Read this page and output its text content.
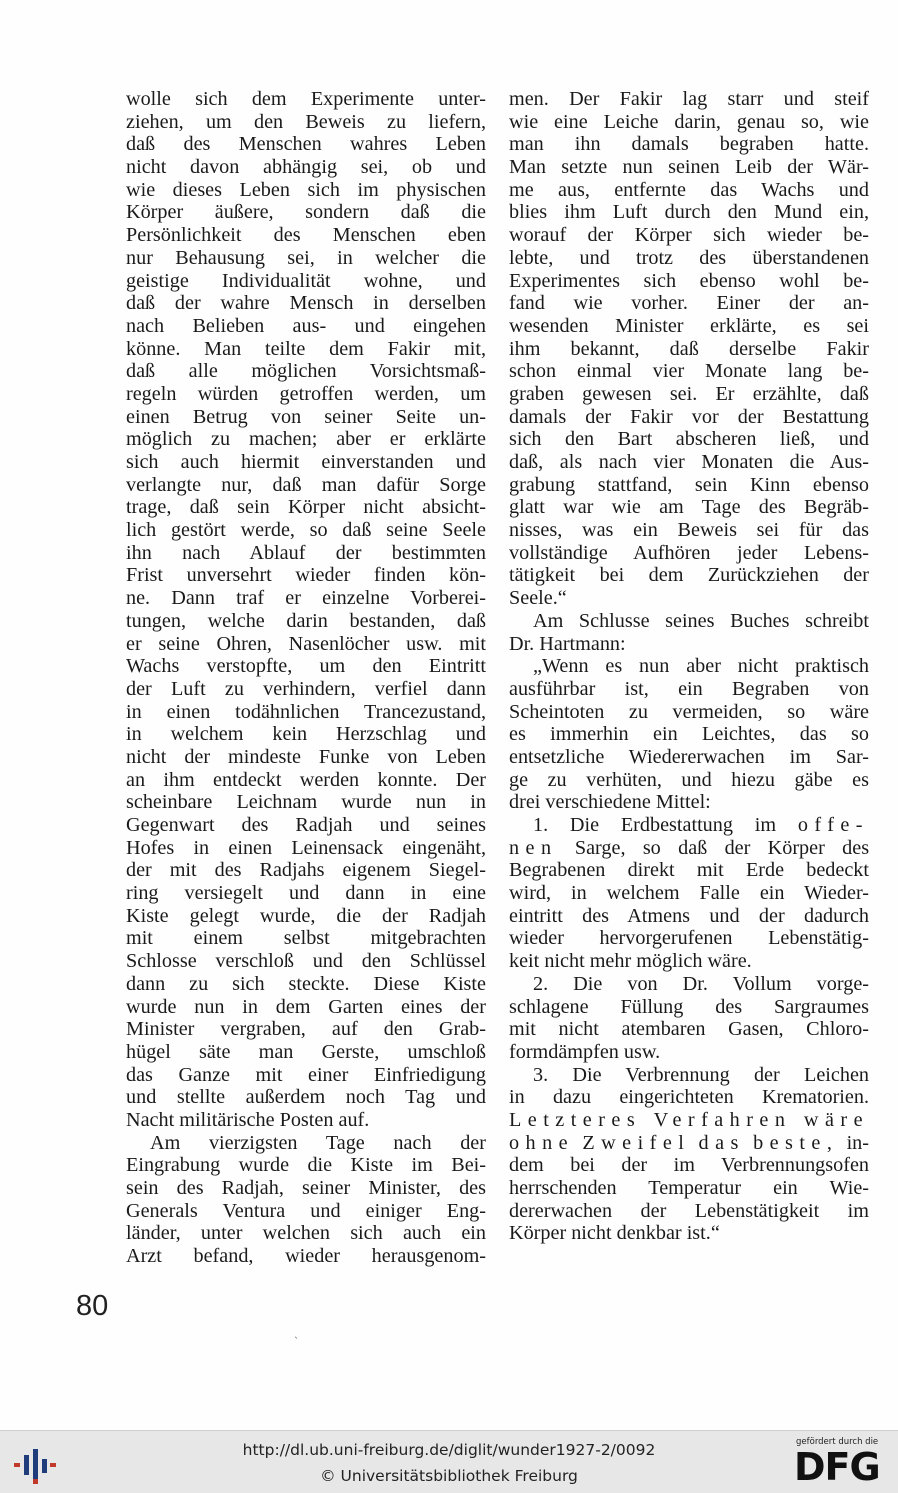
wolle sich dem Experimente unter-
ziehen, um den Beweis zu liefern,
daß des Menschen wahres Leben
nicht davon abhängig sei, ob und
wie dieses Leben sich im physischen
Körper äußere, sondern daß die
Persönlichkeit des Menschen eben
nur Behausung sei, in welcher die
geistige Individualität wohne, und
daß der wahre Mensch in derselben
nach Belieben aus- und eingehen
könne. Man teilte dem Fakir mit,
daß alle möglichen Vorsichtsmaß-
regeln würden getroffen werden, um
einen Betrug von seiner Seite un-
möglich zu machen; aber er erklärte
sich auch hiermit einverstanden und
verlangte nur, daß man dafür Sorge
trage, daß sein Körper nicht absicht-
lich gestört werde, so daß seine Seele
ihn nach Ablauf der bestimmten
Frist unversehrt wieder finden kön-
ne. Dann traf er einzelne Vorberei-
tungen, welche darin bestanden, daß
er seine Ohren, Nasenlöcher usw. mit
Wachs verstopfte, um den Eintritt
der Luft zu verhindern, verfiel dann
in einen todähnlichen Trancezustand,
in welchem kein Herzschlag und
nicht der mindeste Funke von Leben
an ihm entdeckt werden konnte. Der
scheinbare Leichnam wurde nun in
Gegenwart des Radjah und seines
Hofes in einen Leinensack eingenäht,
der mit des Radjahs eigenem Siegel-
ring versiegelt und dann in eine
Kiste gelegt wurde, die der Radjah
mit einem selbst mitgebrachten
Schlosse verschloß und den Schlüssel
dann zu sich steckte. Diese Kiste
wurde nun in dem Garten eines der
Minister vergraben, auf den Grab-
hügel säte man Gerste, umschloß
das Ganze mit einer Einfriedigung
und stellte außerdem noch Tag und
Nacht militärische Posten auf.
Am vierzigsten Tage nach der
Eingrabung wurde die Kiste im Bei-
sein des Radjah, seiner Minister, des
Generals Ventura und einiger Eng-
länder, unter welchen sich auch ein
Arzt befand, wieder herausgenom-
men. Der Fakir lag starr und steif
wie eine Leiche darin, genau so, wie
man ihn damals begraben hatte.
Man setzte nun seinen Leib der Wär-
me aus, entfernte das Wachs und
blies ihm Luft durch den Mund ein,
worauf der Körper sich wieder be-
lebte, und trotz des überstandenen
Experimentes sich ebenso wohl be-
fand wie vorher. Einer der an-
wesenden Minister erklärte, es sei
ihm bekannt, daß derselbe Fakir
schon einmal vier Monate lang be-
graben gewesen sei. Er erzählte, daß
damals der Fakir vor der Bestattung
sich den Bart abscheren ließ, und
daß, als nach vier Monaten die Aus-
grabung stattfand, sein Kinn ebenso
glatt war wie am Tage des Begräb-
nisses, was ein Beweis sei für das
vollständige Aufhören jeder Lebens-
tätigkeit bei dem Zurückziehen der
Seele.“
Am Schlusse seines Buches schreibt
Dr. Hartmann:
„Wenn es nun aber nicht praktisch
ausführbar ist, ein Begraben von
Scheintoten zu vermeiden, so wäre
es immerhin ein Leichtes, das so
entsetzliche Wiedererwachen im Sar-
ge zu verhüten, und hiezu gäbe es
drei verschiedene Mittel:
1. Die Erdbestattung im offe-
nen Sarge, so daß der Körper des
Begrabenen direkt mit Erde bedeckt
wird, in welchem Falle ein Wieder-
eintritt des Atmens und der dadurch
wieder hervorgerufenen Lebenstätig-
keit nicht mehr möglich wäre.
2. Die von Dr. Vollum vorge-
schlagene Füllung des Sargraumes
mit nicht atembaren Gasen, Chloro-
formdämpfen usw.
3. Die Verbrennung der Leichen
in dazu eingerichteten Krematorien.
Letzteres Verfahren wäre
ohne Zweifel das beste, in-
dem bei der im Verbrennungsofen
herrschenden Temperatur ein Wie-
dererwachen der Lebenstätigkeit im
Körper nicht denkbar ist.“
80
ˎ
http://dl.ub.uni-freiburg.de/diglit/wunder1927-2/0092
© Universitätsbibliothek Freiburg
gefördert durch die
DFG
